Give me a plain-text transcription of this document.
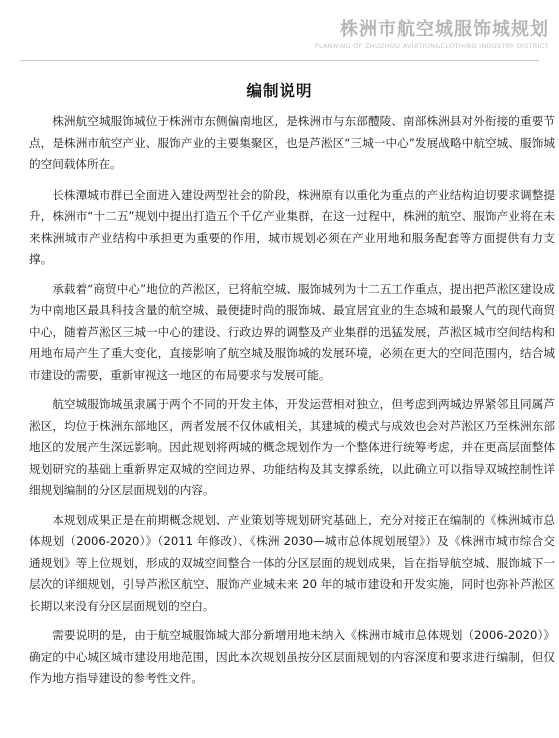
株洲市航空城服饰城规划
PLANNING OF ZHUZHOU AVIATION&CLOTHING INDUSTRY DISTRICT
编制说明

株洲航空城服饰城位于株洲市东侧偏南地区，是株洲市与东部醴陵、南部株洲县对外衔接的重要节点，是株洲市航空产业、服饰产业的主要集聚区，也是芦淞区“三城一中心”发展战略中航空城、服饰城的空间载体所在。

长株潭城市群已全面进入建设两型社会的阶段，株洲原有以重化为重点的产业结构迫切要求调整提升，株洲市“十二五”规划中提出打造五个千亿产业集群，在这一过程中，株洲的航空、服饰产业将在未来株洲城市产业结构中承担更为重要的作用，城市规划必须在产业用地和服务配套等方面提供有力支撑。

承载着“商贸中心”地位的芦淞区，已将航空城、服饰城列为十二五工作重点，提出把芦淞区建设成为中南地区最具科技含量的航空城、最便捷时尚的服饰城、最宜居宜业的生态城和最聚人气的现代商贸中心，随着芦淞区三城一中心的建设、行政边界的调整及产业集群的迅猛发展，芦淞区城市空间结构和用地布局产生了重大变化，直接影响了航空城及服饰城的发展环境，必须在更大的空间范围内，结合城市建设的需要，重新审视这一地区的布局要求与发展可能。

航空城服饰城虽隶属于两个不同的开发主体，开发运营相对独立，但考虑到两城边界紧邻且同属芦淞区，均位于株洲东部地区，两者发展不仅休戚相关，其建城的模式与成效也会对芦淞区乃至株洲东部地区的发展产生深远影响。因此规划将两城的概念规划作为一个整体进行统筹考虑，并在更高层面整体规划研究的基础上重新界定双城的空间边界、功能结构及其支撑系统，以此确立可以指导双城控制性详细规划编制的分区层面规划的内容。

本规划成果正是在前期概念规划、产业策划等规划研究基础上，充分对接正在编制的《株洲城市总体规划（2006-2020）》（2011 年修改）、《株洲 2030—城市总体规划展望》）及《株洲市城市综合交通规划》等上位规划，形成的双城空间整合一体的分区层面的规划成果，旨在指导航空城、服饰城下一层次的详细规划，引导芦淞区航空、服饰产业城未来 20 年的城市建设和开发实施，同时也弥补芦淞区长期以来没有分区层面规划的空白。

需要说明的是，由于航空城服饰城大部分新增用地未纳入《株洲市城市总体规划（2006-2020）》确定的中心城区城市建设用地范围，因此本次规划虽按分区层面规划的内容深度和要求进行编制，但仅作为地方指导建设的参考性文件。
